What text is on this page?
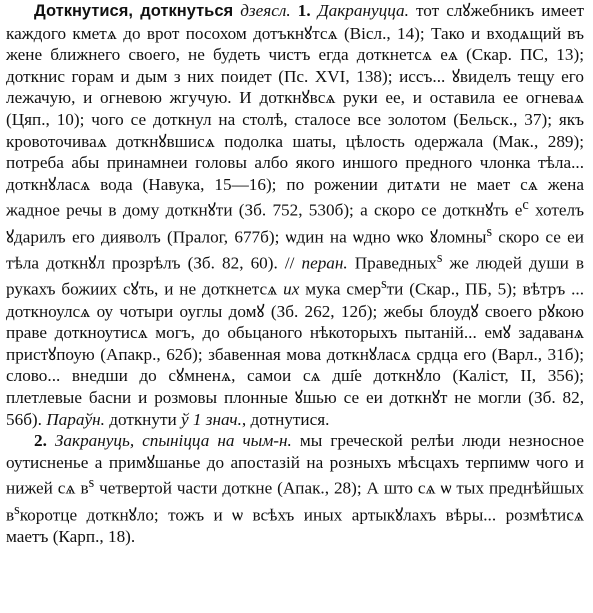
Доткнутися, доткнуться дзеясл. 1. Дакрануцца. тот слꙋжебникъ имеет каждого кметѧ до врот посохом дотъкнꙋтсѧ (Вісл., 14); Тако и входѧщий въ жене ближнего своего, не будеть чистъ егда доткнетсѧ еѧ (Скар. ПС, 13); доткнис горам и дым з них поидет (Пс. XVI, 138); иссъ... ꙋвиделъ тещу его лежачую, и огневою жгучую. И доткнꙋвсѧ руки ее, и оставила ее огневаѧ (Цяп., 10); чого се доткнул на столѣ, сталосе все золотом (Бельск., 37); якъ кровоточиваѧ доткнꙋвшисѧ подолка шаты, цѣлость одержала (Мак., 289); потреба абы принамнеи головы албо якого иншого предного члонка тѣла... доткнꙋласѧ вода (Навука, 15—16); по рожении дитѧти не мает сѧ жена жадное речы в дому доткнꙋти (Зб. 752, 530б); а скоро се доткнꙋть $е^с$ хотелъ ꙋдарилъ его дияволъ (Пралог, 677б); ѡдин на ѡдно ѡко ꙋломны$^s$ скоро се еи тѣла доткнꙋл прозрѣлъ (Зб. 82, 60). // перан. Праведных$^s$ же людей души в рукахъ божиих сꙋть, и не доткнетсѧ их мука смер$^s$ти (Скар., ПБ, 5); вѣтръ ... доткноулсѧ оу чотыри оуглы домꙋ (Зб. 262, 12б); жебы блоудꙋ своего рꙋкою праве доткноутисѧ могъ, до обьцаного нѣкоторыхъ пытаній... емꙋ задаванѧ пристꙋпоую (Апакр., 62б); збавенная мова доткнꙋласѧ срдца его (Варл., 31б); слово... внедши до сꙋмненѧ, самои сѧ дш҃е доткнꙋло (Каліст, II, 356); плетлевые басни и розмовы плонные ꙋшью се еи доткнꙋт не могли (Зб. 82, 56б). Параўн. доткнути ў 1 знач., дотнутися.

2. Закрануць, спыніцца на чым-н. мы греческой релѣи люди незносное оутисненье а примꙋшанье до апостазій на розныхъ мѣсцахъ терпимѡ чого и нижей сѧ $в^s$ четвертой части доткне (Апак., 28); А што сѧ ѡ тых преднѣйшых $в^sкоротце$ доткнꙋло; тожъ и ѡ всѣхъ иных артыкꙋлахъ вѣры... розмѣтисѧ маетъ (Карп., 18).
